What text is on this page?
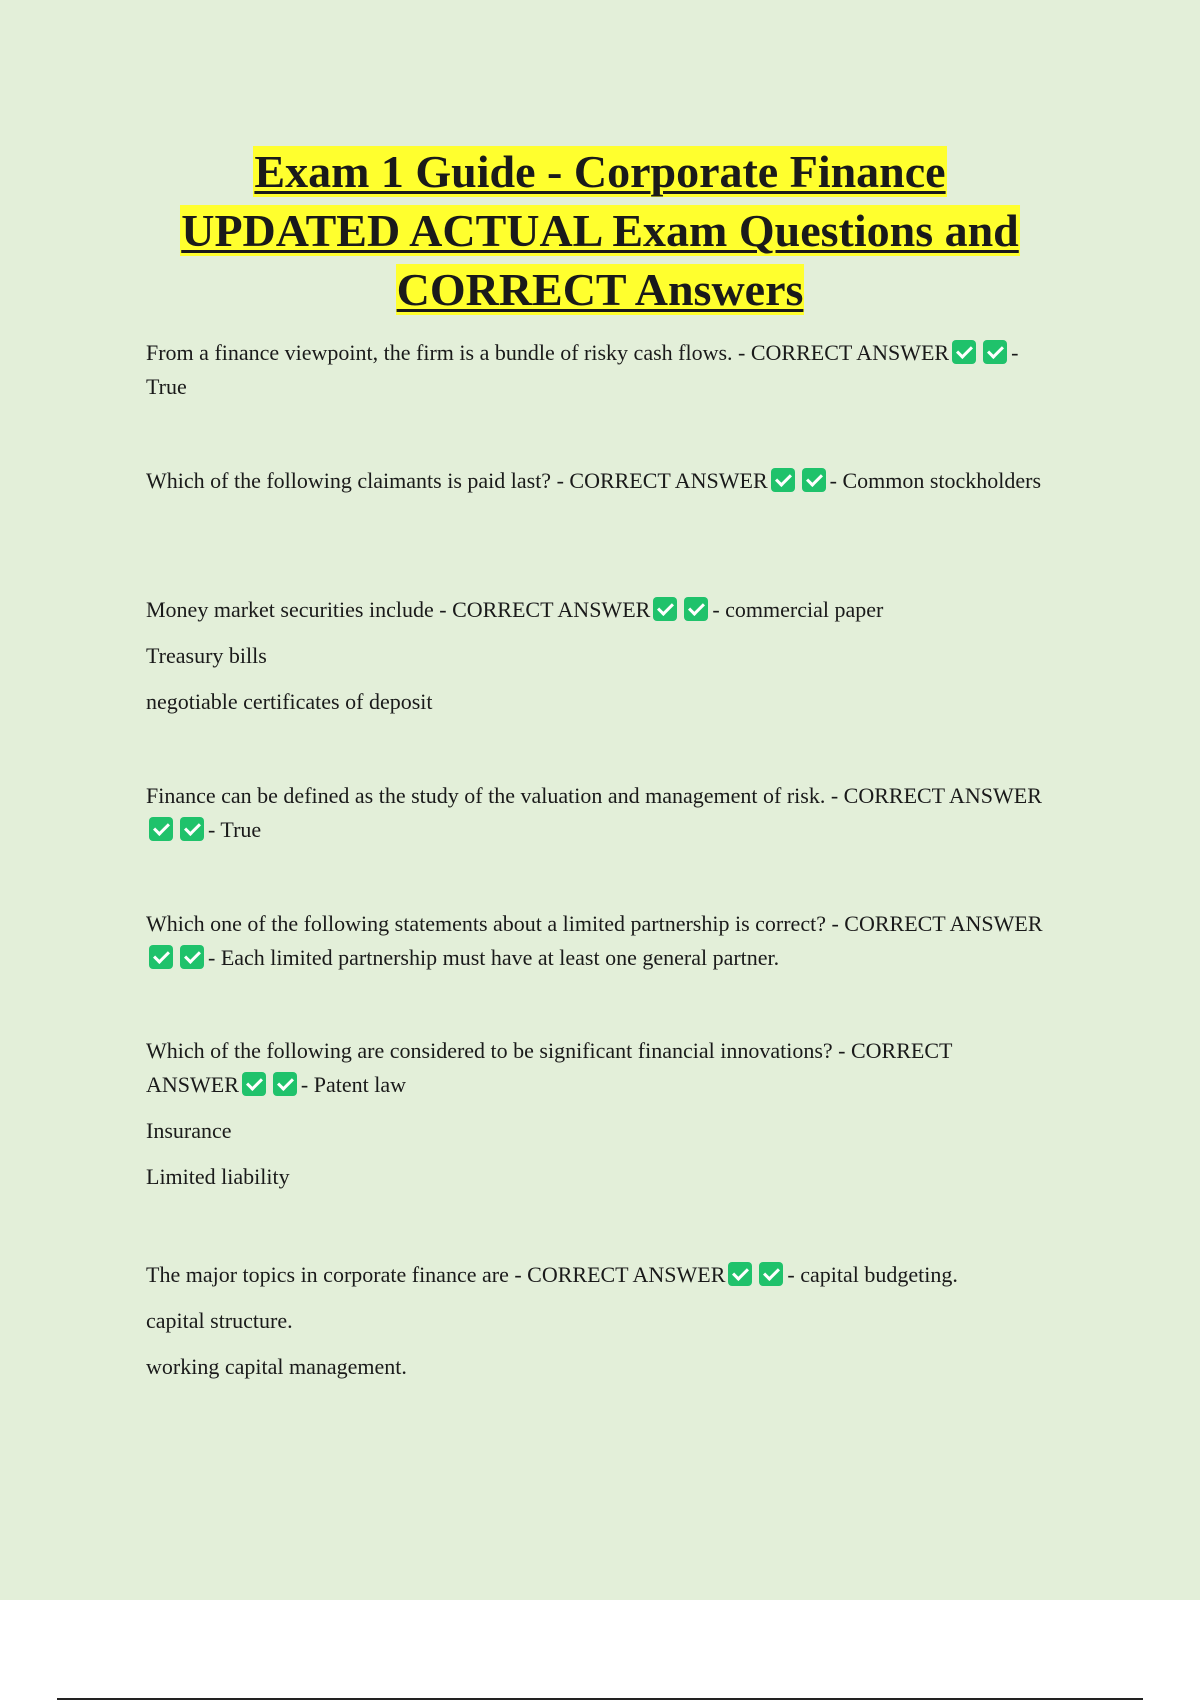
Exam 1 Guide - Corporate Finance
UPDATED ACTUAL Exam Questions and
CORRECT Answers

From a finance viewpoint, the firm is a bundle of risky cash flows. - CORRECT ANSWER	- True

Which of the following claimants is paid last? - CORRECT ANSWER	- Common stockholders

Money market securities include - CORRECT ANSWER	- commercial paper

Treasury bills

negotiable certificates of deposit

Finance can be defined as the study of the valuation and management of risk. - CORRECT ANSWER- True

Which one of the following statements about a limited partnership is correct? - CORRECT ANSWER- Each limited partnership must have at least one general partner.

Which of the following are considered to be significant financial innovations? - CORRECT ANSWER	- Patent law

Insurance

Limited liability

The major topics in corporate finance are - CORRECT ANSWER	- capital budgeting.

capital structure.

working capital management.
